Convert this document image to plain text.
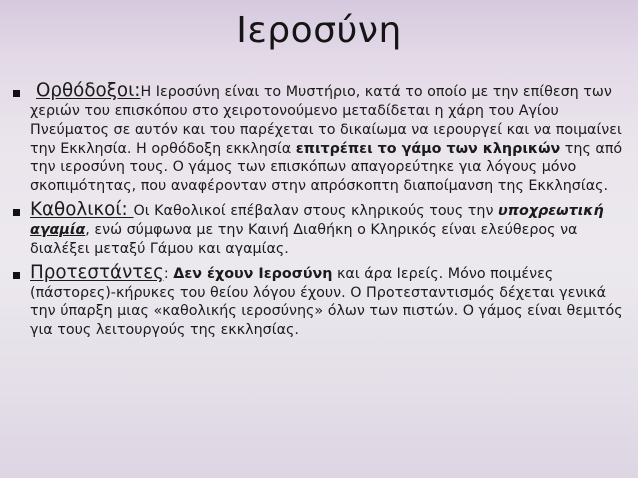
Ιεροσύνη

Ορθόδοξοι:Η Ιεροσύνη είναι το Μυστήριο, κατά το οποίο με την επίθεση των χεριών του επισκόπου στο χειροτονούμενο μεταδίδεται η χάρη του Αγίου Πνεύματος σε αυτόν και του παρέχεται το δικαίωμα να ιερουργεί και να ποιμαίνει την Εκκλησία. Η ορθόδοξη εκκλησία επιτρέπει το γάμο των κληρικών της από την ιεροσύνη τους. Ο γάμος των επισκόπων απαγορεύτηκε για λόγους μόνο σκοπιμότητας, που αναφέρονταν στην απρόσκοπτη διαποίμανση της Εκκλησίας.

Καθολικοί: Οι Καθολικοί επέβαλαν στους κληρικούς τους την υποχρεωτική αγαμία, ενώ σύμφωνα με την Καινή Διαθήκη ο Κληρικός είναι ελεύθερος να διαλέξει μεταξύ Γάμου και αγαμίας.

Προτεστάντες: Δεν έχουν Ιεροσύνη και άρα Ιερείς. Μόνο ποιμένες (πάστορες)-κήρυκες του θείου λόγου έχουν. Ο Προτεσταντισμός δέχεται γενικά την ύπαρξη μιας «καθολικής ιεροσύνης» όλων των πιστών. Ο γάμος είναι θεμιτός για τους λειτουργούς της εκκλησίας.
